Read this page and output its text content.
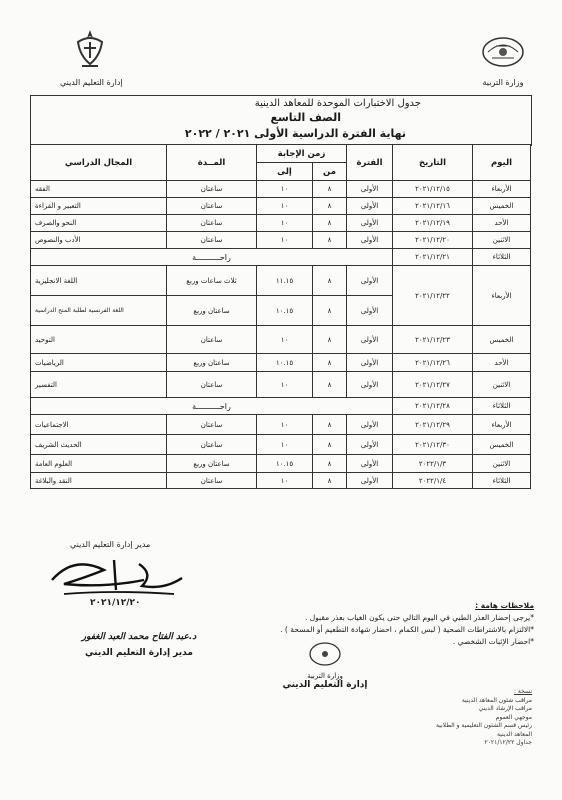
إدارة التعليم الديني	وزارة التربية
جدول الاختبارات الموحدة للمعاهد الدينية
الصف التاسع
نهاية الفترة الدراسية الأولى ٢٠٢١ / ٢٠٢٢
اليوم	التاريخ	الفترة	زمن الإجابة		المــدة	المجال الدراسي
			من	إلى		
الأربعاء	٢٠٢١/١٢/١٥	الأولى	٨	١٠	ساعتان	الفقه
الخميس	٢٠٢١/١٢/١٦	الأولى	٨	١٠	ساعتان	التعبير و القراءة
الأحد	٢٠٢١/١٢/١٩	الأولى	٨	١٠	ساعتان	النحو والصرف
الاثنين	٢٠٢١/١٢/٢٠	الأولى	٨	١٠	ساعتان	الأدب والنصوص
الثلاثاء	٢٠٢١/١٢/٢١	راحــــــــــة				
الأربعاء	٢٠٢١/١٢/٢٢	الأولى	٨	١١.١٥	ثلاث ساعات وربع	اللغة الانجليزية
		الأولى	٨	١٠.١٥	ساعتان وربع	اللغة الفرنسية لطلبة المنح الدراسية
الخميس	٢٠٢١/١٢/٢٣	الأولى	٨	١٠	ساعتان	التوحيد
الأحد	٢٠٢١/١٢/٢٦	الأولى	٨	١٠.١٥	ساعتان وربع	الرياضيات
الاثنين	٢٠٢١/١٢/٢٧	الأولى	٨	١٠	ساعتان	التفسير
الثلاثاء	٢٠٢١/١٢/٢٨	راحــــــــــة				
الأربعاء	٢٠٢١/١٢/٢٩	الأولى	٨	١٠	ساعتان	الاجتماعيات
الخميس	٢٠٢١/١٢/٣٠	الأولى	٨	١٠	ساعتان	الحديث الشريف
الاثنين	٢٠٢٢/١/٣	الأولى	٨	١٠.١٥	ساعتان وربع	العلوم العامة
الثلاثاء	٢٠٢٢/١/٤	الأولى	٨	١٠	ساعتان	النقد والبلاغة
مدير إدارة التعليم الديني
٢٠٢١/١٢/٢٠
د.عبد الفتاح محمد العبد الغفور
مدير إدارة التعليم الديني
ملاحظات هامة :
*يرجى إحضار العذر الطبي في اليوم التالي حتى يكون الغياب بعذر مقبول .
*الالتزام بالاشتراطات الصحية ( لبس الكمام ، احضار شهادة التطعيم أو المسحة ) .
*احضار الإثبات الشخصي .
وزارة التربية
إدارة التعليم الديني
نسخة :
مراقب شئون المعاهد الدينية
مراقب الإرشاد الديني
موجهي العموم
رئيس قسم الشئون التعليمية و الطلابية
المعاهد الدينية
جداول ٢٠٢١/١٢/٢٢
